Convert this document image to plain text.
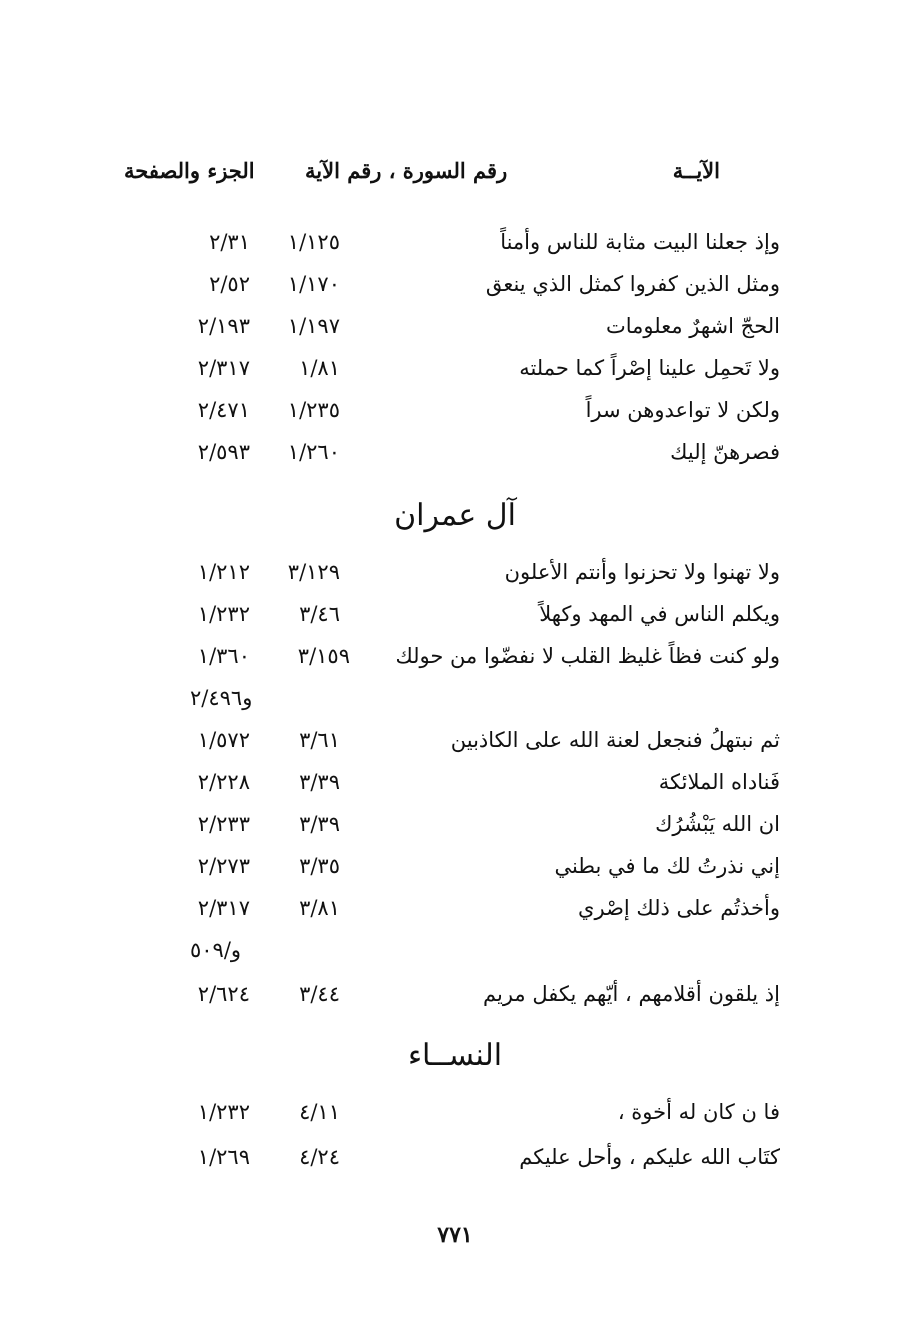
الآيــة
رقم السورة ، رقم الآية
الجزء والصفحة
وإذ جعلنا البيت مثابة للناس وأمناً
١/١٢٥
٢/٣١
ومثل الذين كفروا كمثل الذي ينعق
١/١٧٠
٢/٥٢
الحجّ اشهرٌ معلومات
١/١٩٧
٢/١٩٣
ولا تَحمِل علينا إصْراً كما حملته
١/٨١
٢/٣١٧
ولكن لا تواعدوهن سراً
١/٢٣٥
٢/٤٧١
فصرهنّ إليك
١/٢٦٠
٢/٥٩٣
آل عمران
ولا تهنوا ولا تحزنوا وأنتم الأعلون
٣/١٢٩
١/٢١٢
ويكلم الناس في المهد وكهلاً
٣/٤٦
١/٢٣٢
ولو كنت فظاً غليظ القلب لا نفضّوا من حولك
٣/١٥٩
١/٣٦٠
و٢/٤٩٦
ثم نبتهلُ فنجعل لعنة الله على الكاذبين
٣/٦١
١/٥٧٢
فَناداه الملائكة
٣/٣٩
٢/٢٢٨
ان الله يَبْشُرُك
٣/٣٩
٢/٢٣٣
إني نذرتُ لك ما في بطني
٣/٣٥
٢/٢٧٣
وأخذتُم على ذلك إصْري
٣/٨١
٢/٣١٧
و/٥٠٩
إذ يلقون أقلامهم ، أيّهم يكفل مريم
٣/٤٤
٢/٦٢٤
النســاء
فا ن كان له أخوة ،
٤/١١
١/٢٣٢
كتَاب الله عليكم ، وأحل عليكم
٤/٢٤
١/٢٦٩
٧٧١
